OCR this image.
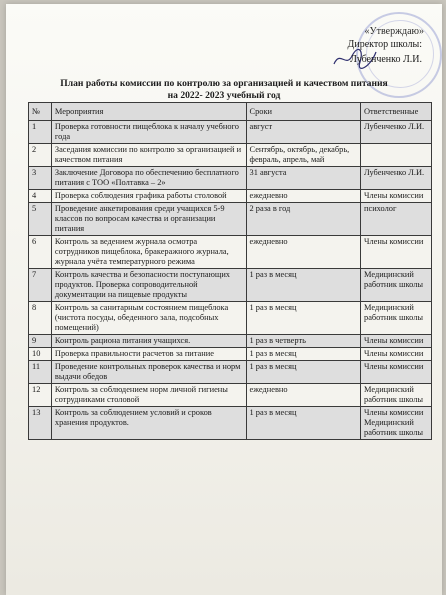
«Утверждаю»
Директор школы:
Лубенченко Л.И.
План работы комиссии по контролю за организацией и качеством питания
на 2022- 2023 учебный год
№	Мероприятия	Сроки	Ответственные
1	Проверка готовности пищеблока к началу учебного года	август	Лубенченко Л.И.
2	Заседания комиссии по контролю за организацией и качеством питания	Сентябрь, октябрь, декабрь, февраль, апрель, май	
3	Заключение Договора по обеспечению бесплатного питания с ТОО «Полтавка – 2»	31 августа	Лубенченко Л.И.
4	Проверка соблюдения графика работы столовой	ежедневно	Члены комиссии
5	Проведение анкетирования среди учащихся 5-9 классов по вопросам качества и организации питания	2 раза в год	психолог
6	Контроль за ведением журнала осмотра сотрудников пищеблока, бракеражного журнала, журнала учёта температурного режима	ежедневно	Члены комиссии
7	Контроль качества и безопасности поступающих продуктов. Проверка сопроводительной документации на пищевые продукты	1 раз в месяц	Медицинский работник школы
8	Контроль за санитарным состоянием пищеблока (чистота посуды, обеденного зала, подсобных помещений)	1 раз в месяц	Медицинский работник школы
9	Контроль рациона питания учащихся.	1 раз в четверть	Члены комиссии
10	Проверка правильности расчетов за питание	1 раз в месяц	Члены комиссии
11	Проведение контрольных проверок качества и норм выдачи обедов	1 раз в месяц	Члены комиссии
12	Контроль за соблюдением норм личной гигиены сотрудниками столовой	ежедневно	Медицинский работник школы
13	Контроль за соблюдением условий и сроков хранения продуктов.	1 раз в месяц	Члены комиссии Медицинский работник школы
